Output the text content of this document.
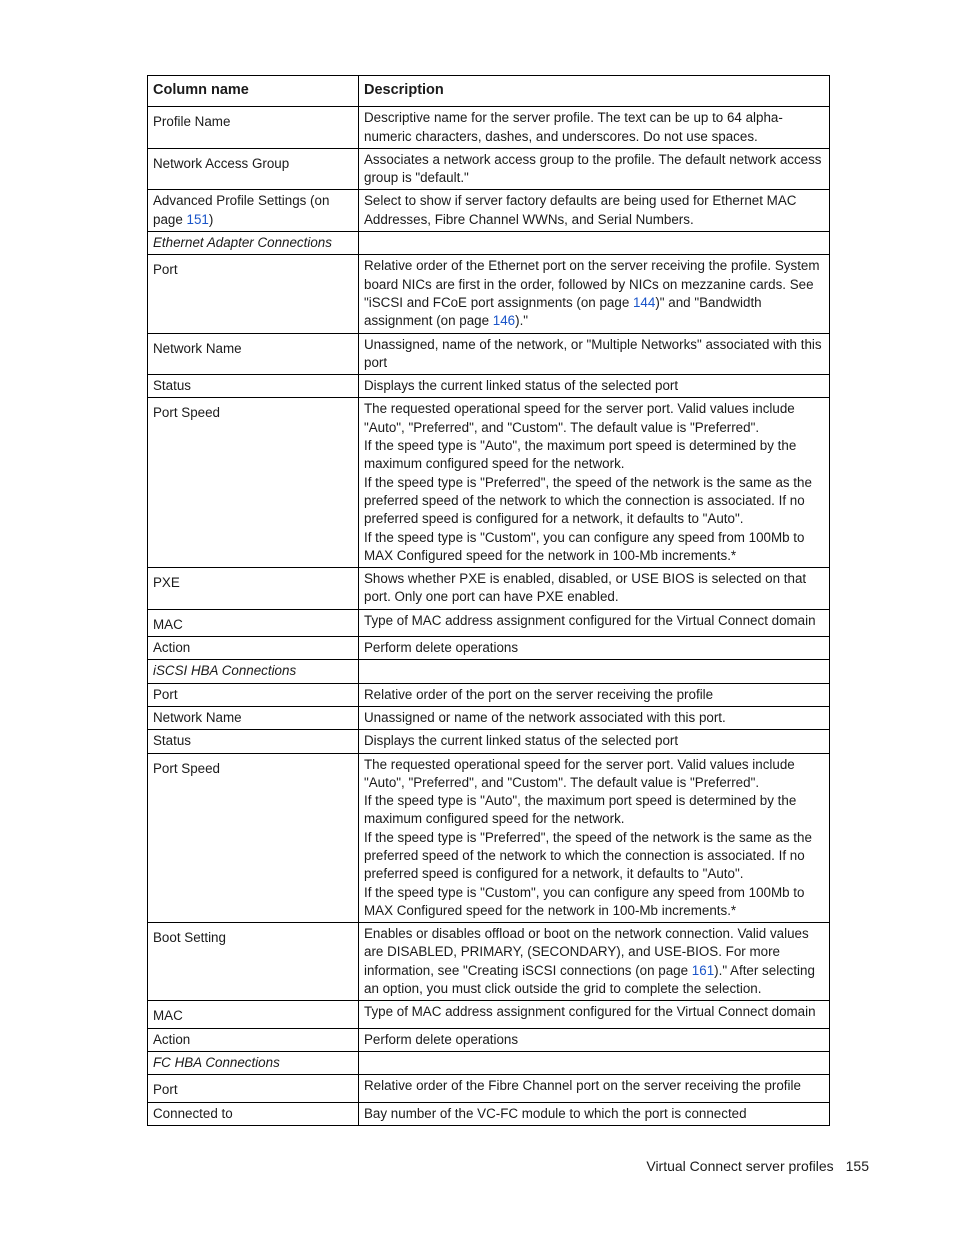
Column name	Description
Profile Name	Descriptive name for the server profile. The text can be up to 64 alpha-numeric characters, dashes, and underscores. Do not use spaces.

Network Access Group	Associates a network access group to the profile. The default network access group is "default."

Advanced Profile Settings (on page 151)	Select to show if server factory defaults are being used for Ethernet MAC Addresses, Fibre Channel WWNs, and Serial Numbers.

Ethernet Adapter Connections	
Port	Relative order of the Ethernet port on the server receiving the profile. System board NICs are first in the order, followed by NICs on mezzanine cards. See "iSCSI and FCoE port assignments (on page 144)" and "Bandwidth assignment (on page 146)."
Network Name	Unassigned, name of the network, or "Multiple Networks" associated with this port

Status	Displays the current linked status of the selected port

Port Speed	The requested operational speed for the server port. Valid values include "Auto", "Preferred", and "Custom". The default value is "Preferred".
If the speed type is "Auto", the maximum port speed is determined by the maximum configured speed for the network.
If the speed type is "Preferred", the speed of the network is the same as the preferred speed of the network to which the connection is associated. If no preferred speed is configured for a network, it defaults to "Auto".
If the speed type is "Custom", you can configure any speed from 100Mb to MAX Configured speed for the network in 100-Mb increments.*

PXE	Shows whether PXE is enabled, disabled, or USE BIOS is selected on that port. Only one port can have PXE enabled.

MAC	Type of MAC address assignment configured for the Virtual Connect domain

Action	Perform delete operations

iSCSI HBA Connections	
Port	Relative order of the port on the server receiving the profile

Network Name	Unassigned or name of the network associated with this port.

Status	Displays the current linked status of the selected port

Port Speed	The requested operational speed for the server port. Valid values include "Auto", "Preferred", and "Custom". The default value is "Preferred".
If the speed type is "Auto", the maximum port speed is determined by the maximum configured speed for the network.
If the speed type is "Preferred", the speed of the network is the same as the preferred speed of the network to which the connection is associated. If no preferred speed is configured for a network, it defaults to "Auto".
If the speed type is "Custom", you can configure any speed from 100Mb to MAX Configured speed for the network in 100-Mb increments.*

Boot Setting	Enables or disables offload or boot on the network connection. Valid values are DISABLED, PRIMARY, (SECONDARY), and USE-BIOS. For more information, see "Creating iSCSI connections (on page 161)." After selecting an option, you must click outside the grid to complete the selection.
MAC	Type of MAC address assignment configured for the Virtual Connect domain

Action	Perform delete operations

FC HBA Connections	
Port	Relative order of the Fibre Channel port on the server receiving the profile

Connected to	Bay number of the VC-FC module to which the port is connected
Virtual Connect server profiles 155
